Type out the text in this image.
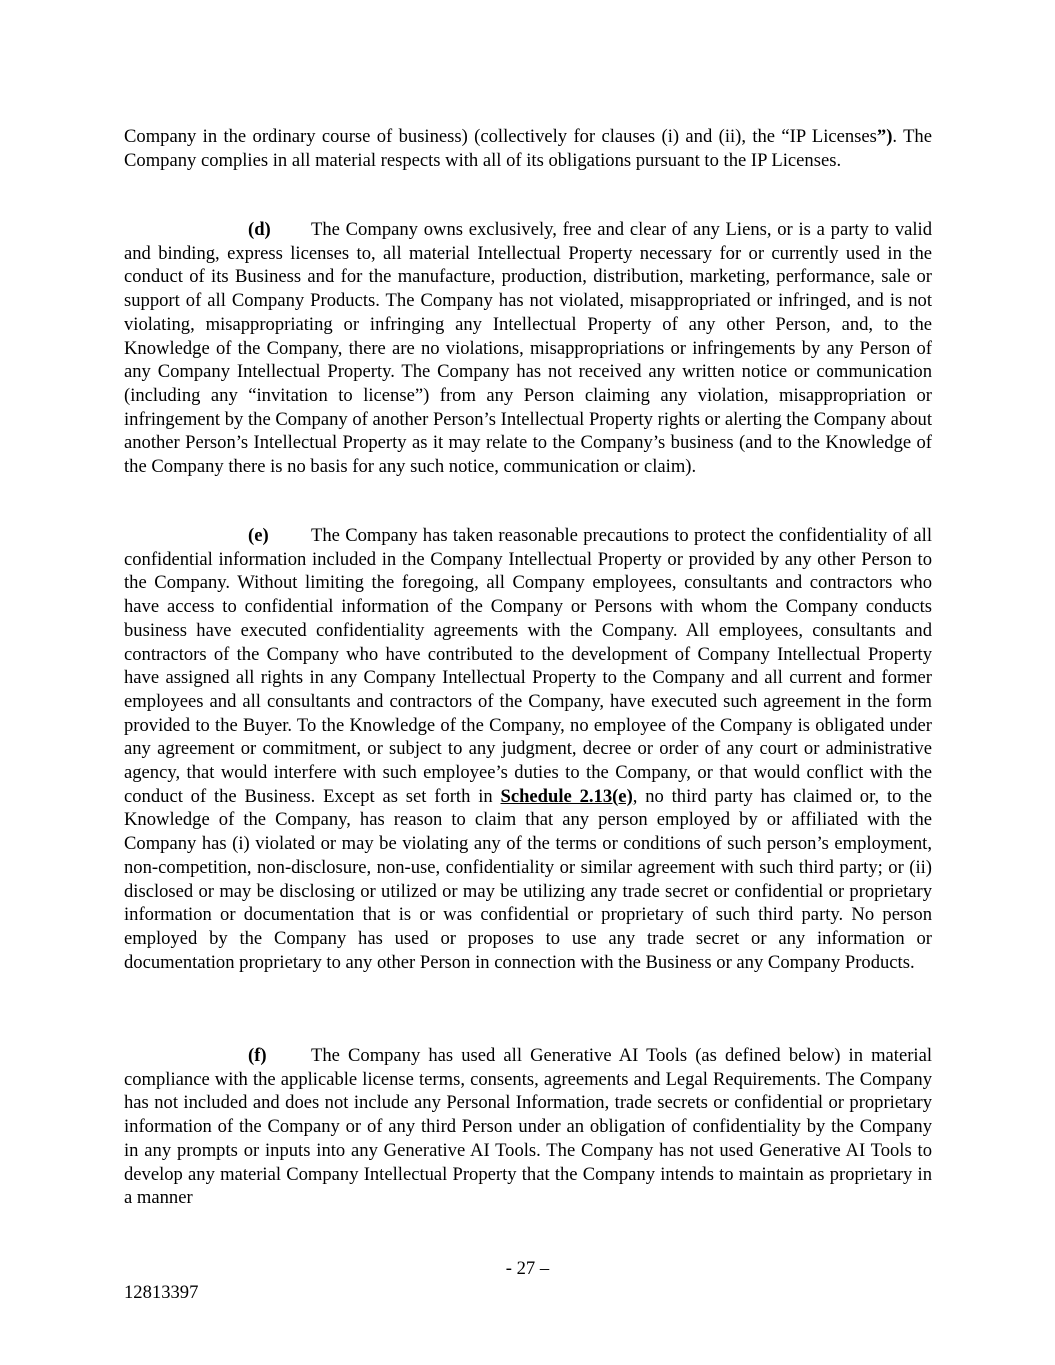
Company in the ordinary course of business) (collectively for clauses (i) and (ii), the “IP Licenses”). The Company complies in all material respects with all of its obligations pursuant to the IP Licenses.
(d) The Company owns exclusively, free and clear of any Liens, or is a party to valid and binding, express licenses to, all material Intellectual Property necessary for or currently used in the conduct of its Business and for the manufacture, production, distribution, marketing, performance, sale or support of all Company Products. The Company has not violated, misappropriated or infringed, and is not violating, misappropriating or infringing any Intellectual Property of any other Person, and, to the Knowledge of the Company, there are no violations, misappropriations or infringements by any Person of any Company Intellectual Property. The Company has not received any written notice or communication (including any “invitation to license”) from any Person claiming any violation, misappropriation or infringement by the Company of another Person’s Intellectual Property rights or alerting the Company about another Person’s Intellectual Property as it may relate to the Company’s business (and to the Knowledge of the Company there is no basis for any such notice, communication or claim).
(e) The Company has taken reasonable precautions to protect the confidentiality of all confidential information included in the Company Intellectual Property or provided by any other Person to the Company. Without limiting the foregoing, all Company employees, consultants and contractors who have access to confidential information of the Company or Persons with whom the Company conducts business have executed confidentiality agreements with the Company. All employees, consultants and contractors of the Company who have contributed to the development of Company Intellectual Property have assigned all rights in any Company Intellectual Property to the Company and all current and former employees and all consultants and contractors of the Company, have executed such agreement in the form provided to the Buyer. To the Knowledge of the Company, no employee of the Company is obligated under any agreement or commitment, or subject to any judgment, decree or order of any court or administrative agency, that would interfere with such employee’s duties to the Company, or that would conflict with the conduct of the Business. Except as set forth in Schedule 2.13(e), no third party has claimed or, to the Knowledge of the Company, has reason to claim that any person employed by or affiliated with the Company has (i) violated or may be violating any of the terms or conditions of such person’s employment, non-competition, non-disclosure, non-use, confidentiality or similar agreement with such third party; or (ii) disclosed or may be disclosing or utilized or may be utilizing any trade secret or confidential or proprietary information or documentation that is or was confidential or proprietary of such third party. No person employed by the Company has used or proposes to use any trade secret or any information or documentation proprietary to any other Person in connection with the Business or any Company Products.
(f) The Company has used all Generative AI Tools (as defined below) in material compliance with the applicable license terms, consents, agreements and Legal Requirements. The Company has not included and does not include any Personal Information, trade secrets or confidential or proprietary information of the Company or of any third Person under an obligation of confidentiality by the Company in any prompts or inputs into any Generative AI Tools. The Company has not used Generative AI Tools to develop any material Company Intellectual Property that the Company intends to maintain as proprietary in a manner
- 27 –
12813397
